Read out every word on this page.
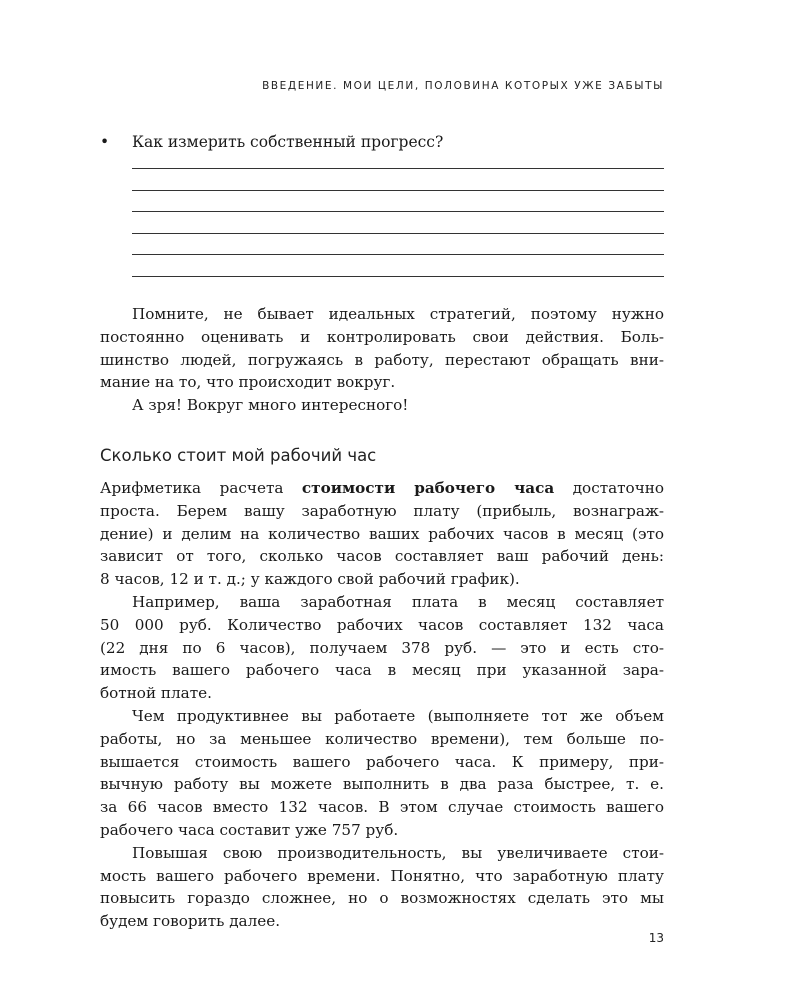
ВВЕДЕНИЕ. МОИ ЦЕЛИ, ПОЛОВИНА КОТОРЫХ УЖЕ ЗАБЫТЫ
• Как измерить собственный прогресс?

Помните, не бывает идеальных стратегий, поэтому нужно

постоянно оценивать и контролировать свои действия. Боль-

шинство людей, погружаясь в работу, перестают обращать вни-

мание на то, что происходит вокруг.

А зря! Вокруг много интересного!

Сколько стоит мой рабочий час

Арифметика расчета стоимости рабочего часа достаточно

проста. Берем вашу заработную плату (прибыль, вознаграж-

дение) и делим на количество ваших рабочих часов в месяц (это

зависит от того, сколько часов составляет ваш рабочий день:

8 часов, 12 и т. д.; у каждого свой рабочий график).

Например, ваша заработная плата в месяц составляет

50 000 руб. Количество рабочих часов составляет 132 часа

(22 дня по 6 часов), получаем 378 руб. — это и есть сто-

имость вашего рабочего часа в месяц при указанной зара-

ботной плате.

Чем продуктивнее вы работаете (выполняете тот же объем

работы, но за меньшее количество времени), тем больше по-

вышается стоимость вашего рабочего часа. К примеру, при-

вычную работу вы можете выполнить в два раза быстрее, т. е.

за 66 часов вместо 132 часов. В этом случае стоимость вашего

рабочего часа составит уже 757 руб.

Повышая свою производительность, вы увеличиваете стои-

мость вашего рабочего времени. Понятно, что заработную плату

повысить гораздо сложнее, но о возможностях сделать это мы

будем говорить далее.

13
